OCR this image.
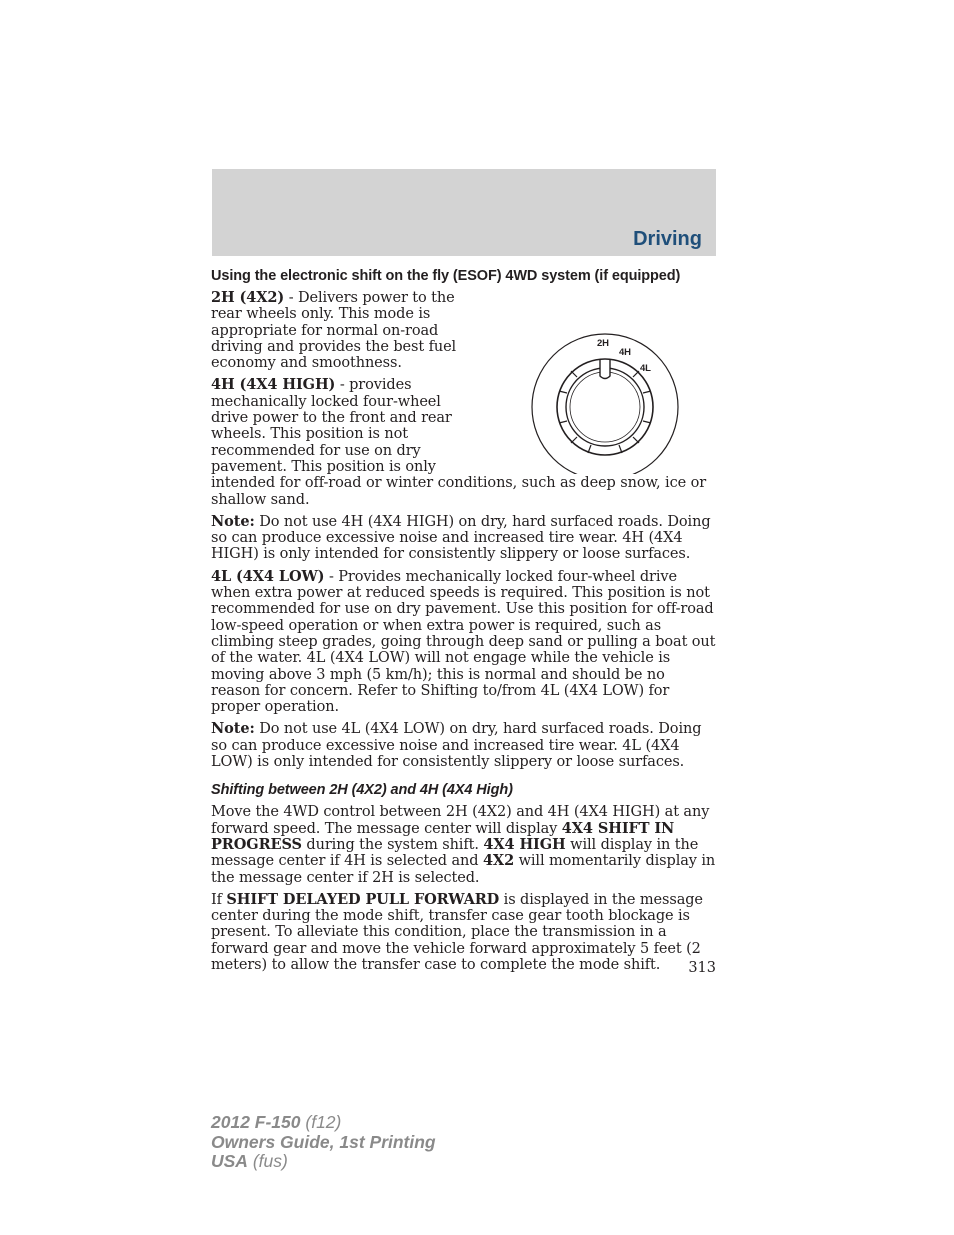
Driving
Using the electronic shift on the fly (ESOF) 4WD system (if equipped)
2H
4H
4L

2H (4X2) - Delivers power to the rear wheels only. This mode is appropriate for normal on-road driving and provides the best fuel economy and smoothness.

4H (4X4 HIGH) - provides mechanically locked four-wheel drive power to the front and rear wheels. This position is not recommended for use on dry pavement. This position is only intended for off-road or winter conditions, such as deep snow, ice or shallow sand.

Note: Do not use 4H (4X4 HIGH) on dry, hard surfaced roads. Doing so can produce excessive noise and increased tire wear. 4H (4X4 HIGH) is only intended for consistently slippery or loose surfaces.

4L (4X4 LOW) - Provides mechanically locked four-wheel drive when extra power at reduced speeds is required. This position is not recommended for use on dry pavement. Use this position for off-road low-speed operation or when extra power is required, such as climbing steep grades, going through deep sand or pulling a boat out of the water. 4L (4X4 LOW) will not engage while the vehicle is moving above 3 mph (5 km/h); this is normal and should be no reason for concern. Refer to Shifting to/from 4L (4X4 LOW) for proper operation.

Note: Do not use 4L (4X4 LOW) on dry, hard surfaced roads. Doing so can produce excessive noise and increased tire wear. 4L (4X4 LOW) is only intended for consistently slippery or loose surfaces.

Shifting between 2H (4X2) and 4H (4X4 High)

Move the 4WD control between 2H (4X2) and 4H (4X4 HIGH) at any forward speed. The message center will display 4X4 SHIFT IN PROGRESS during the system shift. 4X4 HIGH will display in the message center if 4H is selected and 4X2 will momentarily display in the message center if 2H is selected.

If SHIFT DELAYED PULL FORWARD is displayed in the message center during the mode shift, transfer case gear tooth blockage is present. To alleviate this condition, place the transmission in a forward gear and move the vehicle forward approximately 5 feet (2 meters) to allow the transfer case to complete the mode shift.	313
2012 F-150 (f12)
Owners Guide, 1st Printing
USA (fus)
